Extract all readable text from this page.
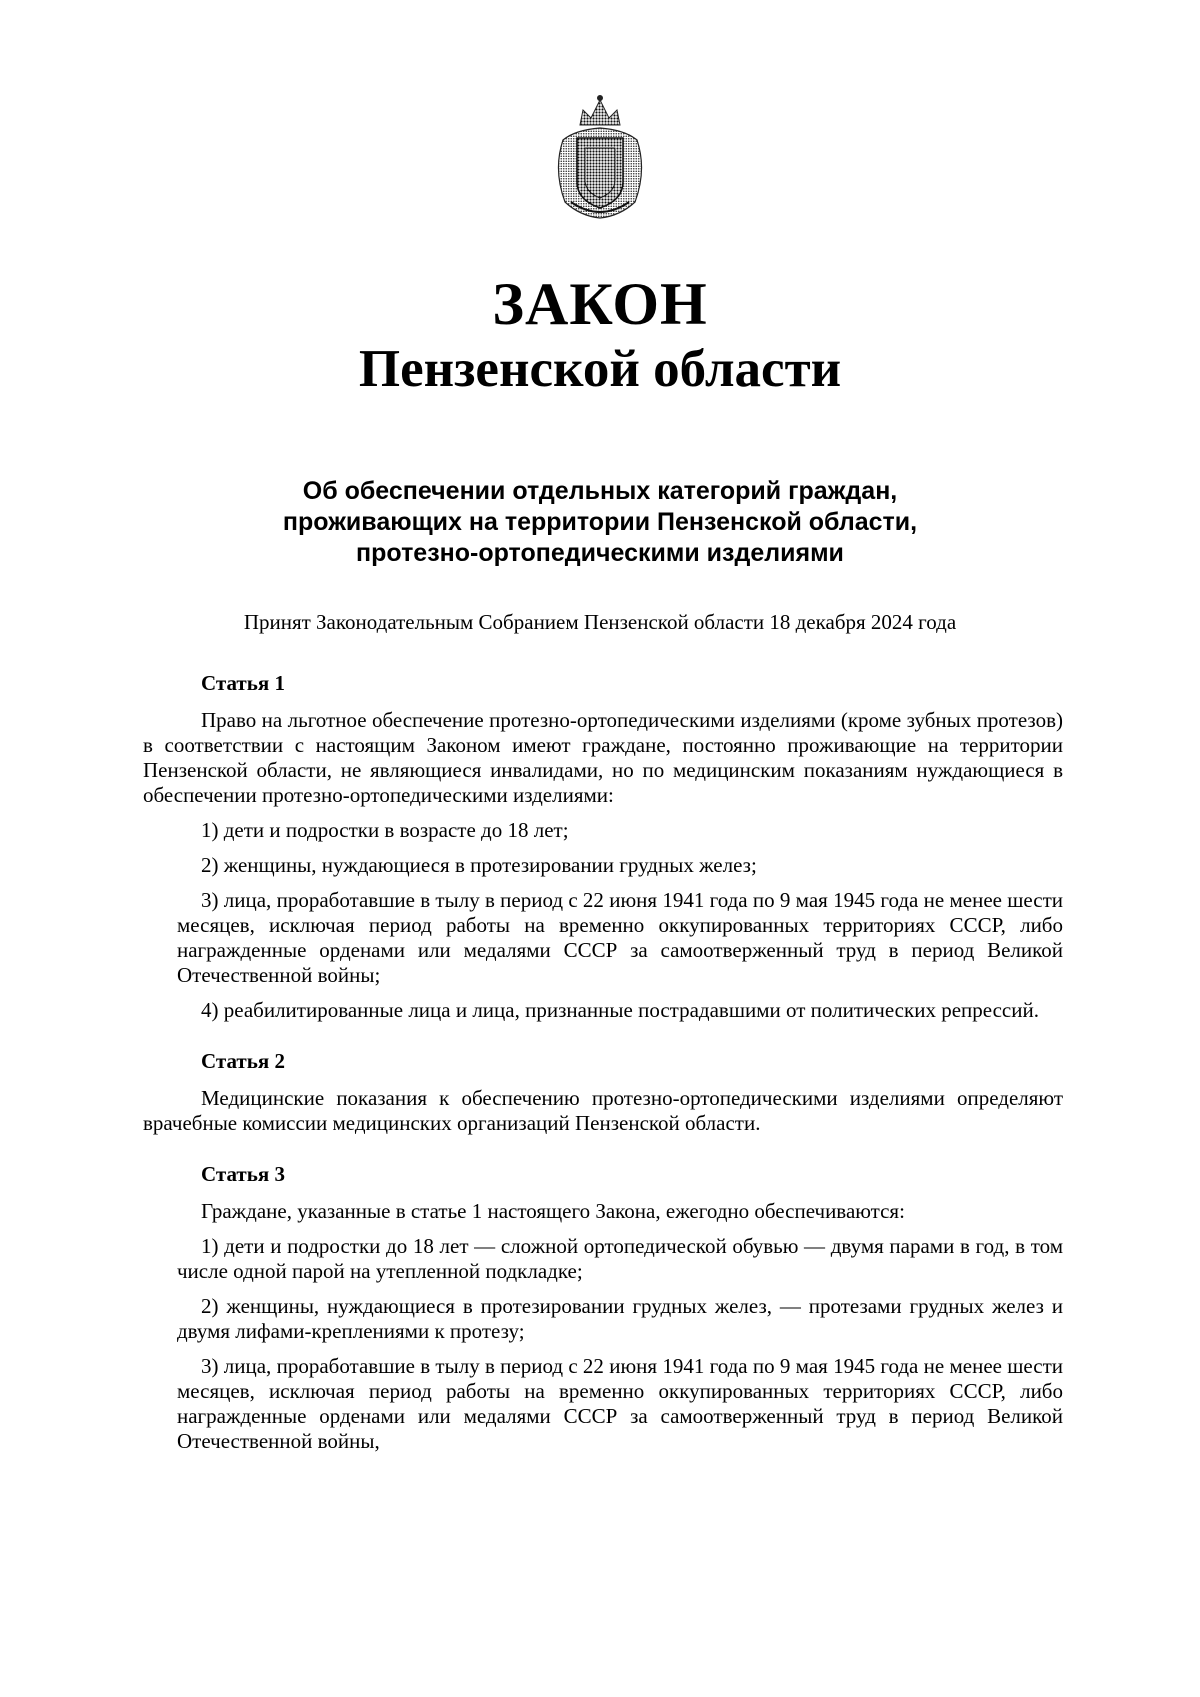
ЗАКОН
Пензенской области
Об обеспечении отдельных категорий граждан,
проживающих на территории Пензенской области,
протезно-ортопедическими изделиями
Принят Законодательным Собранием Пензенской области 18 декабря 2024 года
Статья 1

Право на льготное обеспечение протезно-ортопедическими изделиями (кроме зубных протезов) в соответствии с настоящим Законом имеют граждане, постоянно проживающие на территории Пензенской области, не являющиеся инвалидами, но по медицинским показаниям нуждающиеся в обеспечении протезно-ортопедическими изделиями:

1) дети и подростки в возрасте до 18 лет;

2) женщины, нуждающиеся в протезировании грудных желез;

3) лица, проработавшие в тылу в период с 22 июня 1941 года по 9 мая 1945 года не менее шести месяцев, исключая период работы на временно оккупированных территориях СССР, либо награжденные орденами или медалями СССР за самоотверженный труд в период Великой Отечественной войны;

4) реабилитированные лица и лица, признанные пострадавшими от политических репрессий.

Статья 2

Медицинские показания к обеспечению протезно-ортопедическими изделиями определяют врачебные комиссии медицинских организаций Пензенской области.

Статья 3

Граждане, указанные в статье 1 настоящего Закона, ежегодно обеспечиваются:

1) дети и подростки до 18 лет — сложной ортопедической обувью — двумя парами в год, в том числе одной парой на утепленной подкладке;

2) женщины, нуждающиеся в протезировании грудных желез, — протезами грудных желез и двумя лифами-креплениями к протезу;

3) лица, проработавшие в тылу в период с 22 июня 1941 года по 9 мая 1945 года не менее шести месяцев, исключая период работы на временно оккупированных территориях СССР, либо награжденные орденами или медалями СССР за самоотверженный труд в период Великой Отечественной войны,
